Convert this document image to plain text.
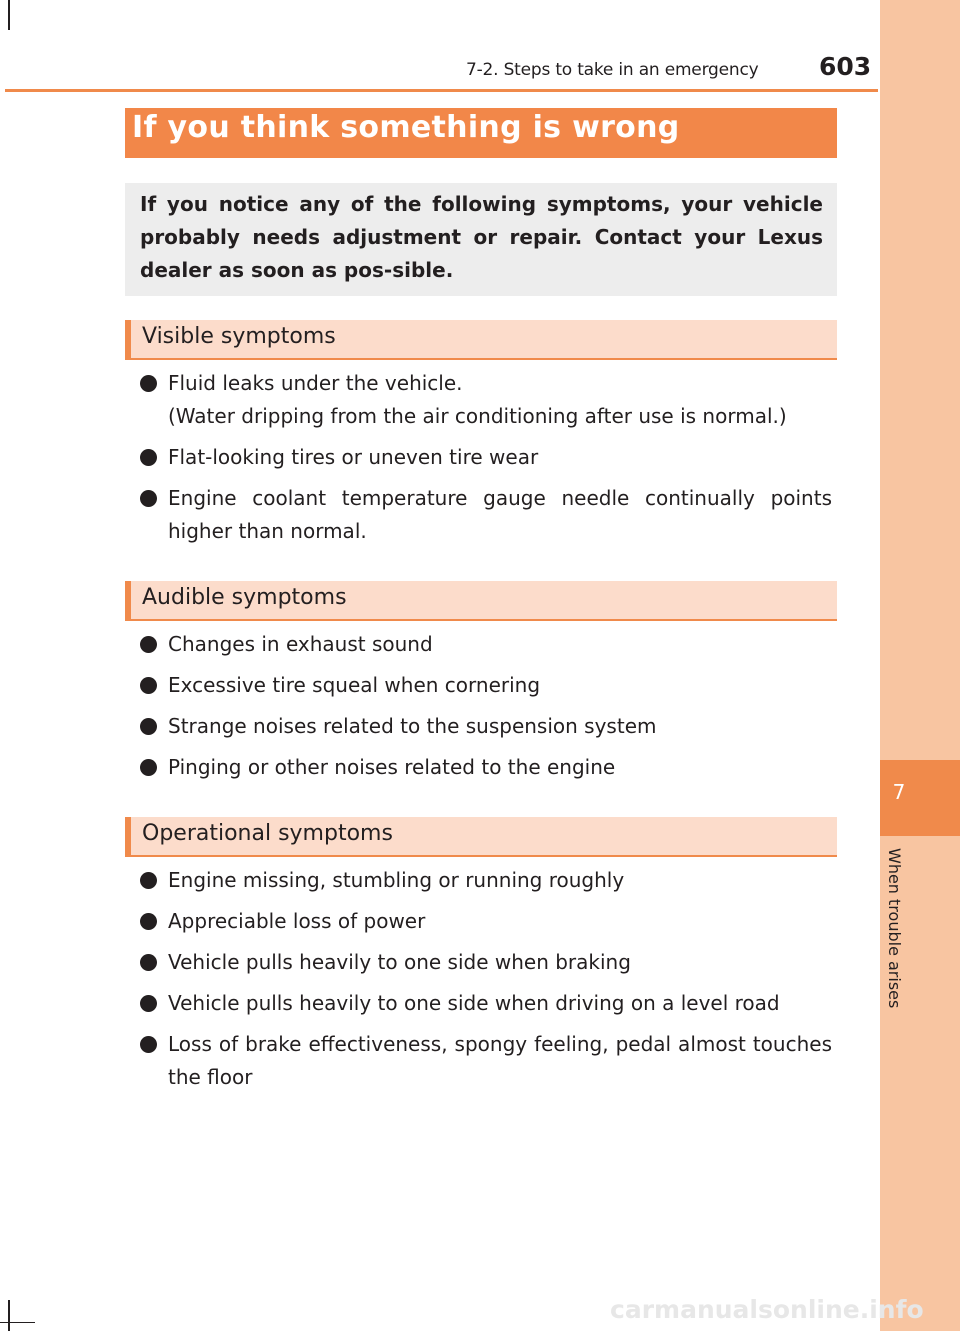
7
When trouble arises
7-2. Steps to take in an emergency 603
If you think something is wrong
If you notice any of the following symptoms, your vehicle probably needs adjustment or repair. Contact your Lexus dealer as soon as pos-sible.
Visible symptoms
Fluid leaks under the vehicle.
(Water dripping from the air conditioning after use is normal.)
Flat-looking tires or uneven tire wear
Engine coolant temperature gauge needle continually points higher than normal.
Audible symptoms
Changes in exhaust sound
Excessive tire squeal when cornering
Strange noises related to the suspension system
Pinging or other noises related to the engine
Operational symptoms
Engine missing, stumbling or running roughly
Appreciable loss of power
Vehicle pulls heavily to one side when braking
Vehicle pulls heavily to one side when driving on a level road
Loss of brake effectiveness, spongy feeling, pedal almost touches the floor
carmanualsonline.info
